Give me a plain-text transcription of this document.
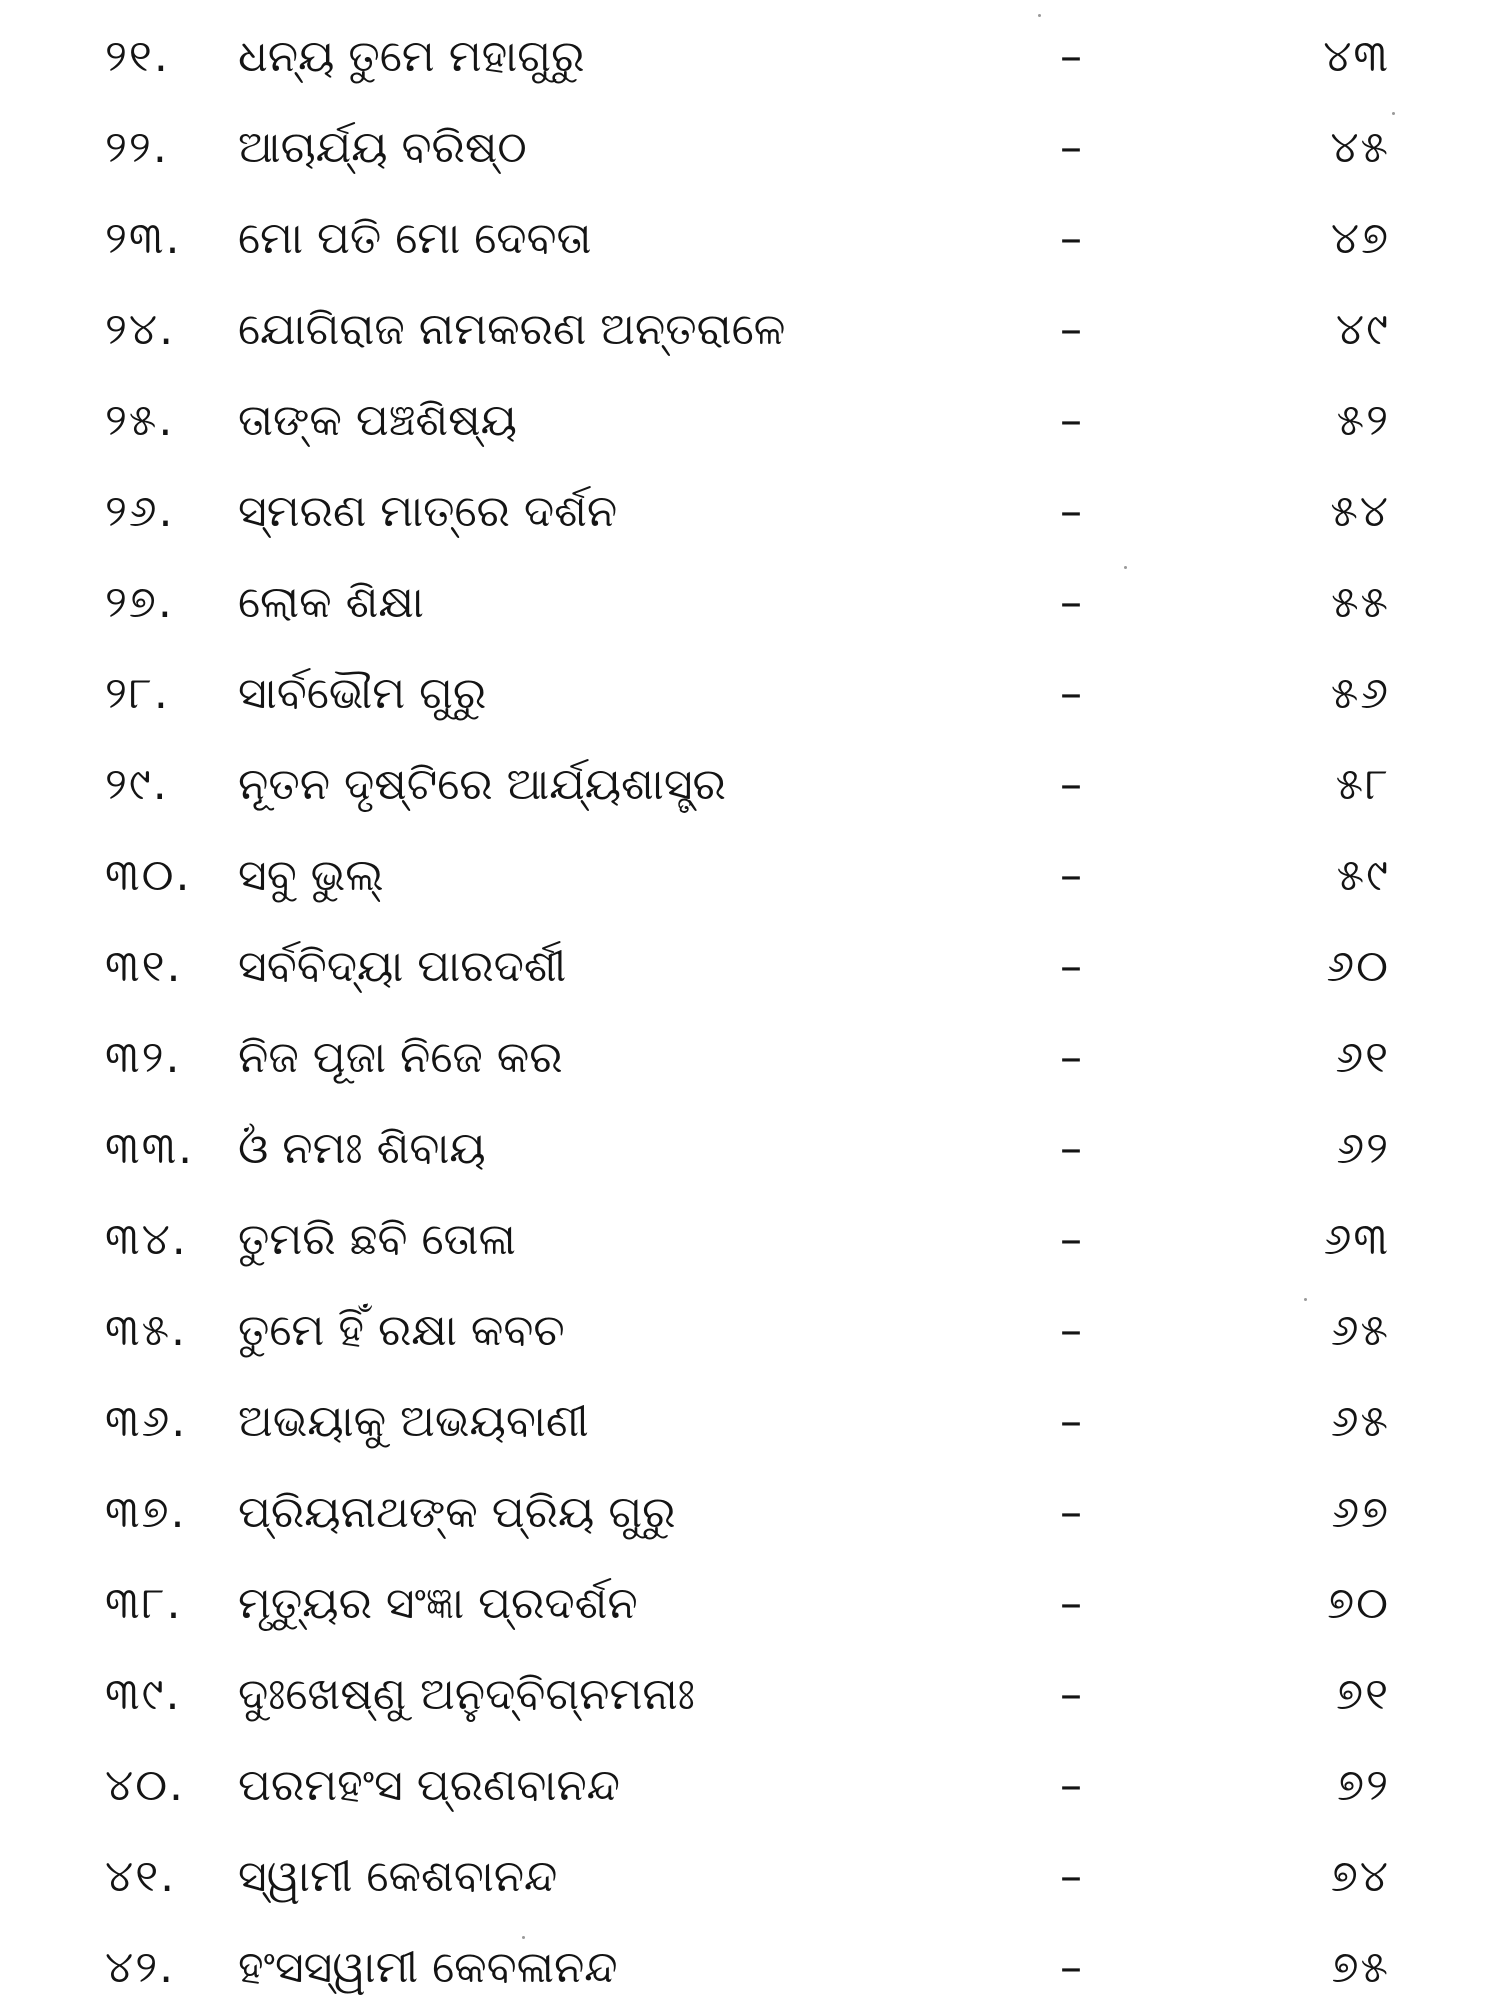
୨୧. ଧନ୍ୟ ତୁମେ ମହାଗୁରୁ	–	୪୩
୨୨. ଆଚାର୍ଯ୍ୟ ବରିଷ୍ଠ	–	୪୫
୨୩. ମୋ ପତି ମୋ ଦେବତା	–	୪୭
୨୪. ଯୋଗିରାଜ ନାମକରଣ ଅନ୍ତରାଳେ	–	୪୯
୨୫. ତାଙ୍କ ପଞ୍ଚଶିଷ୍ୟ	–	୫୨
୨୬. ସ୍ମରଣ ମାତ୍ରେ ଦର୍ଶନ	–	୫୪
୨୭. ଲୋକ ଶିକ୍ଷା	–	୫୫
୨୮. ସାର୍ବଭୌମ ଗୁରୁ	–	୫୬
୨୯. ନୂତନ ଦୃଷ୍ଟିରେ ଆର୍ଯ୍ୟଶାସ୍ତ୍ର	–	୫୮
୩୦. ସବୁ ଭୁଲ୍	–	୫୯
୩୧. ସର୍ବବିଦ୍ୟା ପାରଦର୍ଶୀ	–	୬୦
୩୨. ନିଜ ପୂଜା ନିଜେ କର	–	୬୧
୩୩. ଓଁ ନମଃ ଶିବାୟ	–	୬୨
୩୪. ତୁମରି ଛବି ତୋଳା	–	୬୩
୩୫. ତୁମେ ହିଁ ରକ୍ଷା କବଚ	–	୬୫
୩୬. ଅଭୟାକୁ ଅଭୟବାଣୀ	–	୬୫
୩୭. ପ୍ରିୟନାଥଙ୍କ ପ୍ରିୟ ଗୁରୁ	–	୬୭
୩୮. ମୃତ୍ୟୁର ସଂଜ୍ଞା ପ୍ରଦର୍ଶନ	–	୭୦
୩୯. ଦୁଃଖେଷ୍ଣୁ ଅନୁଦ୍ବିଗ୍ନମନାଃ	–	୭୧
୪୦. ପରମହଂସ ପ୍ରଣବାନନ୍ଦ	–	୭୨
୪୧. ସ୍ୱାମୀ କେଶବାନନ୍ଦ	–	୭୪
୪୨. ହଂସସ୍ୱାମୀ କେବଳାନନ୍ଦ	–	୭୫
